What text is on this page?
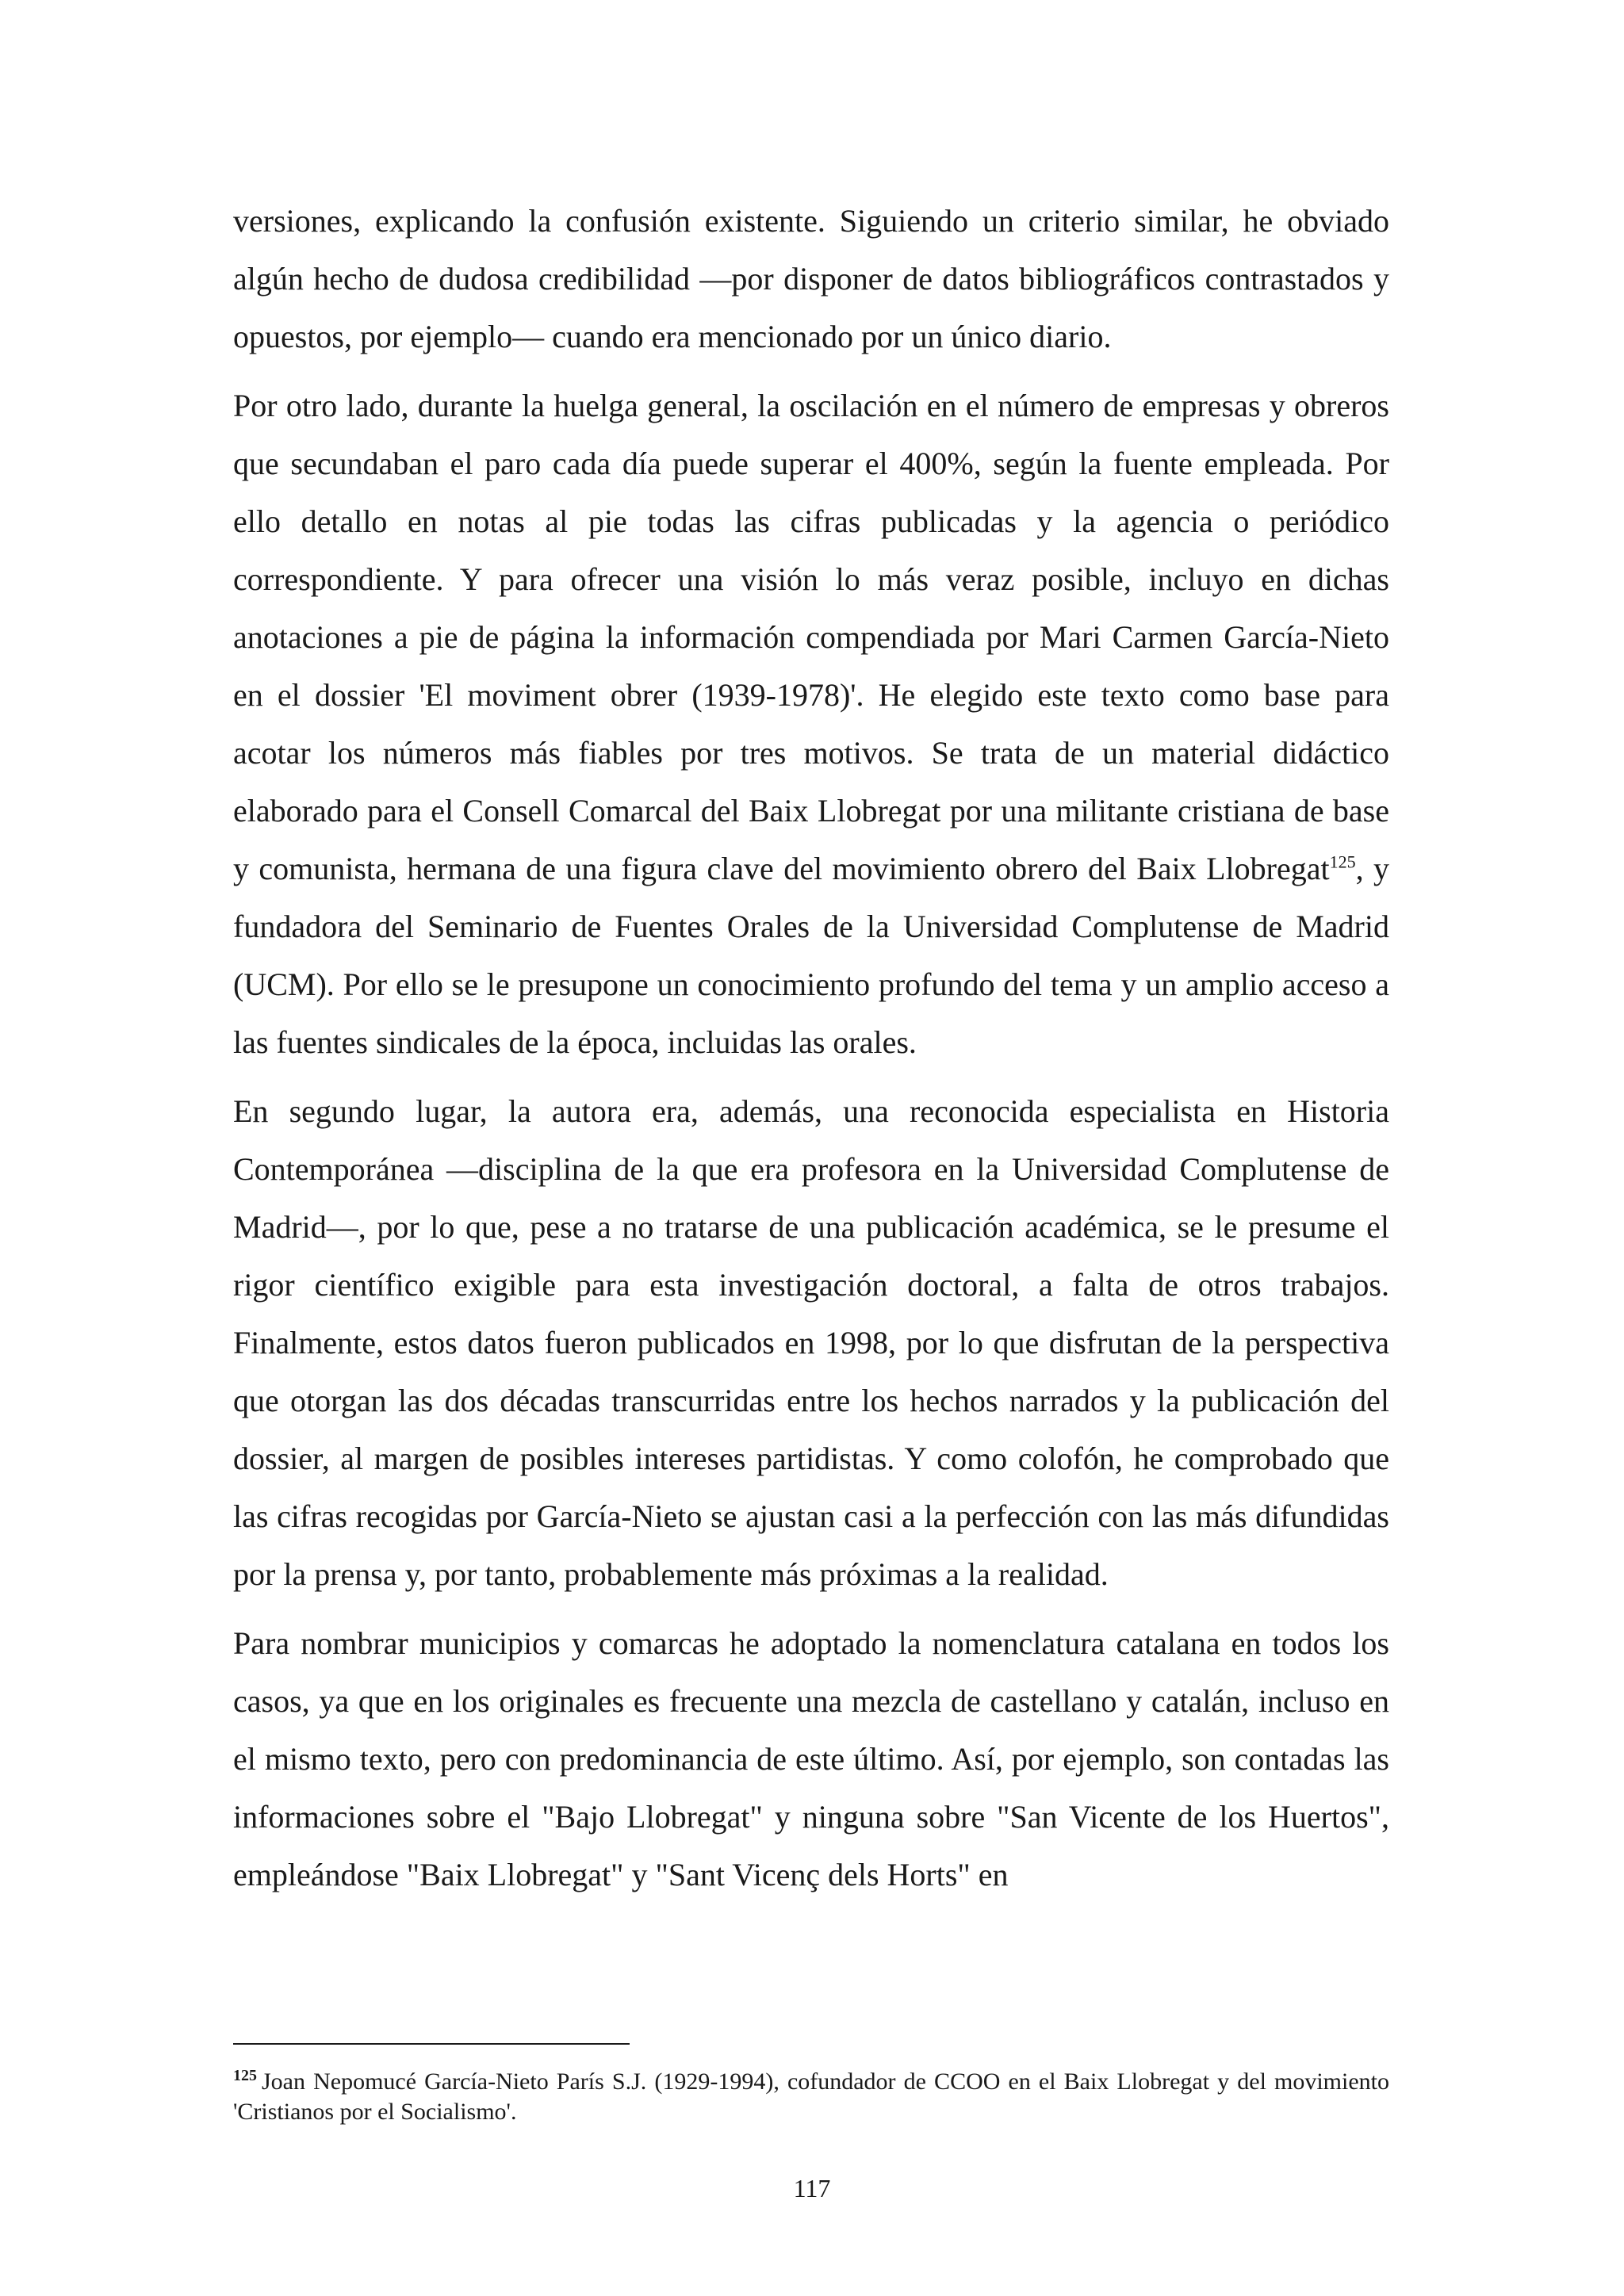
versiones, explicando la confusión existente. Siguiendo un criterio similar, he obviado algún hecho de dudosa credibilidad —por disponer de datos bibliográficos contrastados y opuestos, por ejemplo— cuando era mencionado por un único diario.

Por otro lado, durante la huelga general, la oscilación en el número de empresas y obreros que secundaban el paro cada día puede superar el 400%, según la fuente empleada. Por ello detallo en notas al pie todas las cifras publicadas y la agencia o periódico correspondiente. Y para ofrecer una visión lo más veraz posible, incluyo en dichas anotaciones a pie de página la información compendiada por Mari Carmen García-Nieto en el dossier 'El moviment obrer (1939-1978)'. He elegido este texto como base para acotar los números más fiables por tres motivos. Se trata de un material didáctico elaborado para el Consell Comarcal del Baix Llobregat por una militante cristiana de base y comunista, hermana de una figura clave del movimiento obrero del Baix Llobregat$^{125}$, y fundadora del Seminario de Fuentes Orales de la Universidad Complutense de Madrid (UCM). Por ello se le presupone un conocimiento profundo del tema y un amplio acceso a las fuentes sindicales de la época, incluidas las orales.

En segundo lugar, la autora era, además, una reconocida especialista en Historia Contemporánea —disciplina de la que era profesora en la Universidad Complutense de Madrid—, por lo que, pese a no tratarse de una publicación académica, se le presume el rigor científico exigible para esta investigación doctoral, a falta de otros trabajos. Finalmente, estos datos fueron publicados en 1998, por lo que disfrutan de la perspectiva que otorgan las dos décadas transcurridas entre los hechos narrados y la publicación del dossier, al margen de posibles intereses partidistas. Y como colofón, he comprobado que las cifras recogidas por García-Nieto se ajustan casi a la perfección con las más difundidas por la prensa y, por tanto, probablemente más próximas a la realidad.

Para nombrar municipios y comarcas he adoptado la nomenclatura catalana en todos los casos, ya que en los originales es frecuente una mezcla de castellano y catalán, incluso en el mismo texto, pero con predominancia de este último. Así, por ejemplo, son contadas las informaciones sobre el "Bajo Llobregat" y ninguna sobre "San Vicente de los Huertos", empleándose "Baix Llobregat" y "Sant Vicenç dels Horts" en

$^{125}$ Joan Nepomucé García-Nieto París S.J. (1929-1994), cofundador de CCOO en el Baix Llobregat y del movimiento 'Cristianos por el Socialismo'.
117
